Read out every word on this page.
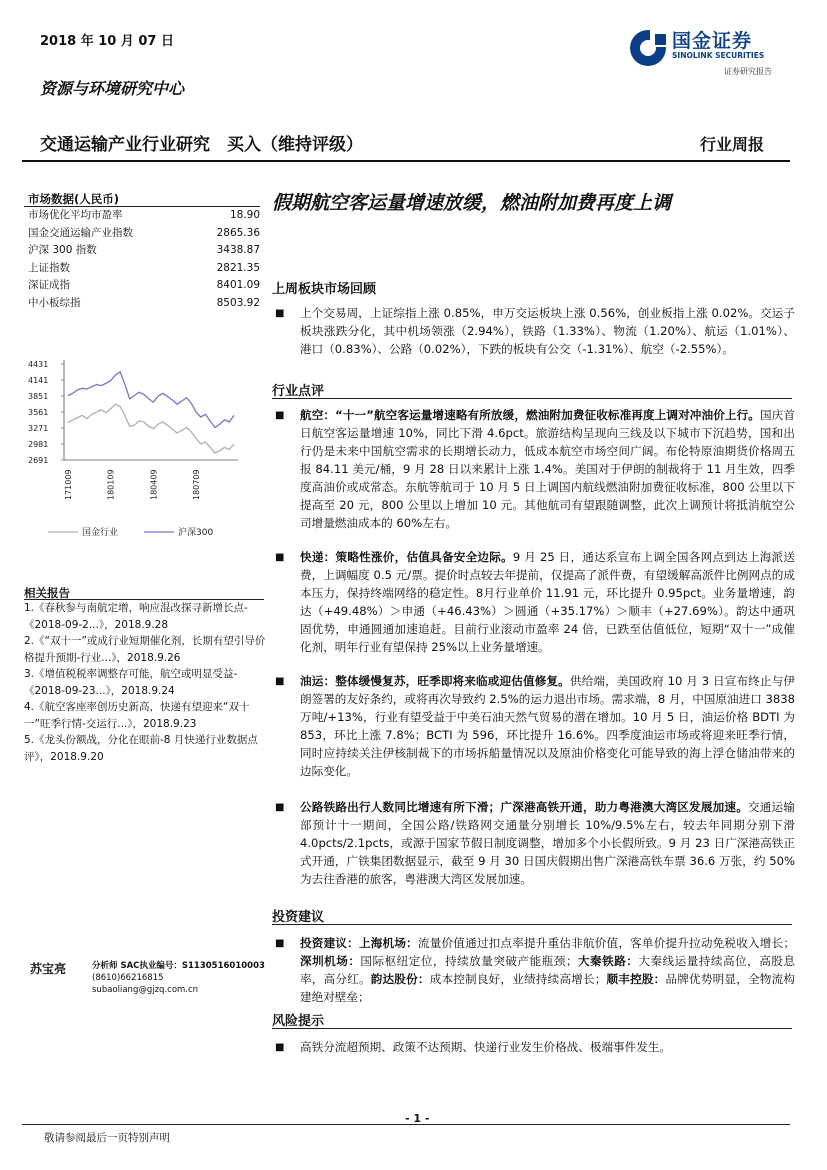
2018 年 10 月 07 日	国金证券
SINOLINK SECURITIES
证券研究报告
资源与环境研究中心
交通运输产业行业研究　买入（维持评级）	行业周报
市场数据(人民币)
市场优化平均市盈率	18.90
国金交通运输产业指数	2865.36
沪深 300 指数	3438.87
上证指数	2821.35
深证成指	8401.09
中小板综指	8503.92
4431
4141
3851
3561
3271
2981
2691
171009	180109	180409	180709
国金行业	沪深300
相关报告
1.《春秋参与南航定增，响应混改探寻新增长点-《2018-09-2...》，2018.9.28
2.《“双十一”或成行业短期催化剂，长期有望引导价格提升预期-行业...》，2018.9.26
3.《增值税税率调整存可能，航空或明显受益-《2018-09-23...》，2018.9.24
4.《航空客座率创历史新高，快递有望迎来“双十一”旺季行情-交运行...》，2018.9.23
5.《龙头份额战，分化在眼前-8 月快递行业数据点评》，2018.9.20
苏宝亮	分析师 SAC执业编号：S1130516010003
(8610)66216815
subaoliang@gjzq.com.cn
假期航空客运量增速放缓，燃油附加费再度上调
上周板块市场回顾
■ 上个交易周，上证综指上涨 0.85%，申万交运板块上涨 0.56%，创业板指上涨 0.02%。交运子板块涨跌分化，其中机场领涨（2.94%），铁路（1.33%）、物流（1.20%）、航运（1.01%）、港口（0.83%）、公路（0.02%），下跌的板块有公交（-1.31%）、航空（-2.55%）。
行业点评
■ 航空：“十一”航空客运量增速略有所放缓，燃油附加费征收标准再度上调对冲油价上行。国庆首日航空客运量增速 10%，同比下滑 4.6pct。旅游结构呈现向三线及以下城市下沉趋势，国和出行仍是未来中国航空需求的长期增长动力，低成本航空市场空间广阔。布伦特原油期货价格周五报 84.11 美元/桶，9 月 28 日以来累计上涨 1.4%。美国对于伊朗的制裁将于 11 月生效，四季度高油价或成常态。东航等航司于 10 月 5 日上调国内航线燃油附加费征收标准，800 公里以下提高至 20 元，800 公里以上增加 10 元。其他航司有望跟随调整，此次上调预计将抵消航空公司增量燃油成本的 60%左右。
■ 快递：策略性涨价，估值具备安全边际。9 月 25 日，通达系宣布上调全国各网点到达上海派送费，上调幅度 0.5 元/票。提价时点较去年提前，仅提高了派件费，有望缓解高派件比例网点的成本压力，保持终端网络的稳定性。8月行业单价 11.91 元，环比提升 0.95pct。业务量增速，韵达（+49.48%）＞申通（+46.43%）＞圆通（+35.17%）＞顺丰（+27.69%）。韵达中通巩固优势，申通圆通加速追赶。目前行业滚动市盈率 24 倍，已跌至估值低位，短期“双十一”成催化剂，明年行业有望保持 25%以上业务量增速。
■ 油运：整体缓慢复苏，旺季即将来临或迎估值修复。供给端，美国政府 10 月 3 日宣布终止与伊朗签署的友好条约，或将再次导致约 2.5%的运力退出市场。需求端，8 月，中国原油进口 3838 万吨/+13%，行业有望受益于中美石油天然气贸易的潜在增加。10 月 5 日，油运价格 BDTI 为 853，环比上涨 7.8%；BCTI 为 596，环比提升 16.6%。四季度油运市场或将迎来旺季行情，同时应持续关注伊核制裁下的市场拆船量情况以及原油价格变化可能导致的海上浮仓储油带来的边际变化。
■ 公路铁路出行人数同比增速有所下滑；广深港高铁开通，助力粤港澳大湾区发展加速。交通运输部预计十一期间，全国公路/铁路网交通量分别增长 10%/9.5%左右，较去年同期分别下滑 4.0pcts/2.1pcts，或源于国家节假日制度调整，增加多个小长假所致。9 月 23 日广深港高铁正式开通，广铁集团数据显示，截至 9 月 30 日国庆假期出售广深港高铁车票 36.6 万张，约 50%为去往香港的旅客，粤港澳大湾区发展加速。
投资建议
■ 投资建议：上海机场：流量价值通过扣点率提升重估非航价值，客单价提升拉动免税收入增长；深圳机场：国际枢纽定位，持续放量突破产能瓶颈；大秦铁路：大秦线运量持续高位，高股息率，高分红。韵达股份：成本控制良好，业绩持续高增长；顺丰控股：品牌优势明显，全物流构建绝对壁垒；
风险提示
■ 高铁分流超预期、政策不达预期、快递行业发生价格战、极端事件发生。
- 1 -
敬请参阅最后一页特别声明
